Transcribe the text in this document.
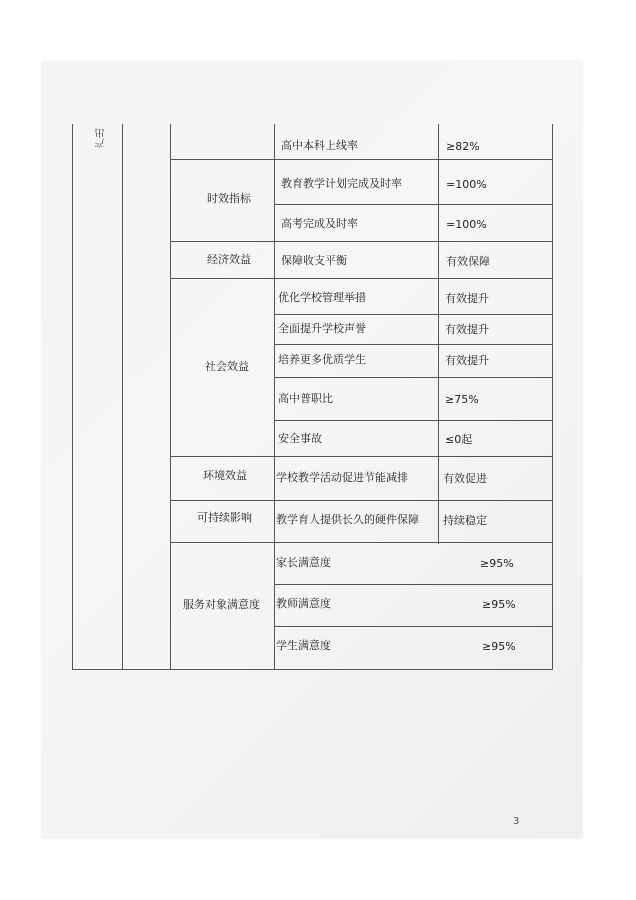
产出
时效指标
经济效益
社会效益
环境效益
可持续影响
服务对象满意度
高中本科上线率
教育教学计划完成及时率
高考完成及时率
保障收支平衡
优化学校管理举措
全面提升学校声誉
培养更多优质学生
高中普职比
安全事故
学校教学活动促进节能减排
教学育人提供长久的硬件保障
家长满意度
教师满意度
学生满意度
≥82%
=100%
=100%
有效保障
有效提升
有效提升
有效提升
≥75%
≤0起
有效促进
持续稳定
≥95%
≥95%
≥95%
3
